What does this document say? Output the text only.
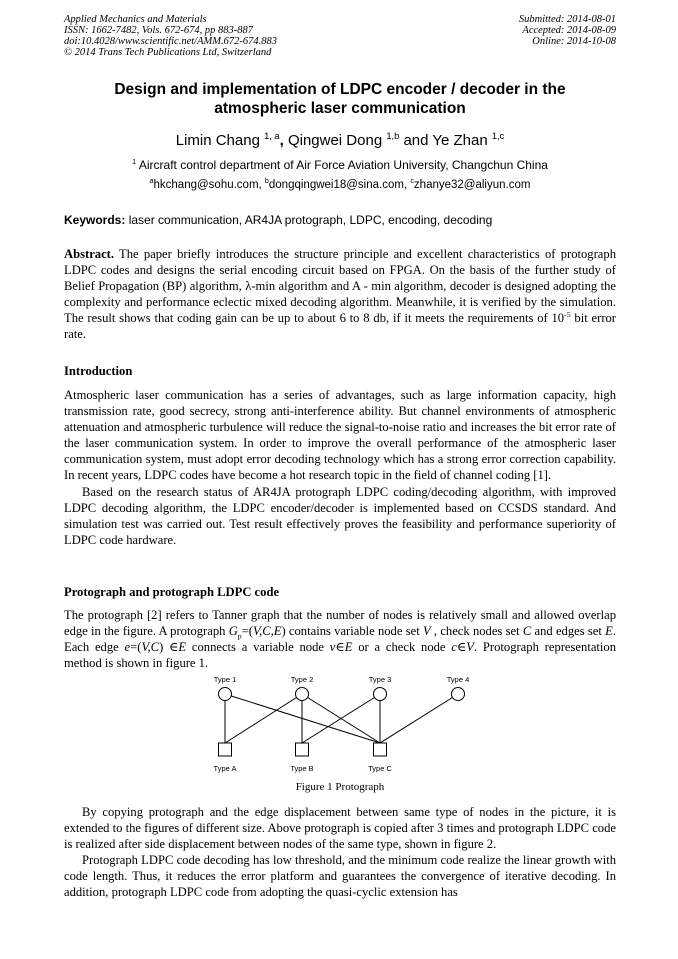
Applied Mechanics and Materials
ISSN: 1662-7482, Vols. 672-674, pp 883-887
doi:10.4028/www.scientific.net/AMM.672-674.883
© 2014 Trans Tech Publications Ltd, Switzerland
Submitted: 2014-08-01
Accepted: 2014-08-09
Online: 2014-10-08
Design and implementation of LDPC encoder / decoder in the
atmospheric laser communication
Limin Chang $^{1, a}$, Qingwei Dong $^{1,b}$ and Ye Zhan $^{1,c}$
$^1$ Aircraft control department of Air Force Aviation University, Changchun China
$^a$hkchang@sohu.com, $^b$dongqingwei18@sina.com, $^c$zhanye32@aliyun.com
Keywords: laser communication, AR4JA protograph, LDPC, encoding, decoding

Abstract. The paper briefly introduces the structure principle and excellent characteristics of protograph LDPC codes and designs the serial encoding circuit based on FPGA. On the basis of the further study of Belief Propagation (BP) algorithm, λ-min algorithm and A - min algorithm, decoder is designed adopting the complexity and performance eclectic mixed decoding algorithm. Meanwhile, it is verified by the simulation. The result shows that coding gain can be up to about 6 to 8 db, if it meets the requirements of $10^{-5}$ bit error rate.

Introduction

Atmospheric laser communication has a series of advantages, such as large information capacity, high transmission rate, good secrecy, strong anti-interference ability. But channel environments of atmospheric attenuation and atmospheric turbulence will reduce the signal-to-noise ratio and increases the bit error rate of the laser communication system. In order to improve the overall performance of the atmospheric laser communication system, must adopt error decoding technology which has a strong error correction capability. In recent years, LDPC codes have become a hot research topic in the field of channel coding [1].

Based on the research status of AR4JA protograph LDPC coding/decoding algorithm, with improved LDPC decoding algorithm, the LDPC encoder/decoder is implemented based on CCSDS standard. And simulation test was carried out. Test result effectively proves the feasibility and performance superiority of LDPC code hardware.

Protograph and protograph LDPC code

The protograph [2] refers to Tanner graph that the number of nodes is relatively small and allowed overlap edge in the figure. A protograph $G_p=(V,C,E)$ contains variable node set V , check nodes set C and edges set E. Each edge e=(V,C) ∈E connects a variable node v∈E or a check node c∈V. Protograph representation method is shown in figure 1.

Type 1	Type 2	Type 3	Type 4
Type A	Type B	Type C
Figure 1 Protograph

By copying protograph and the edge displacement between same type of nodes in the picture, it is extended to the figures of different size. Above protograph is copied after 3 times and protograph LDPC code is realized after side displacement between nodes of the same type, shown in figure 2.

Protograph LDPC code decoding has low threshold, and the minimum code realize the linear growth with code length. Thus, it reduces the error platform and guarantees the convergence of iterative decoding. In addition, protograph LDPC code from adopting the quasi-cyclic extension has
